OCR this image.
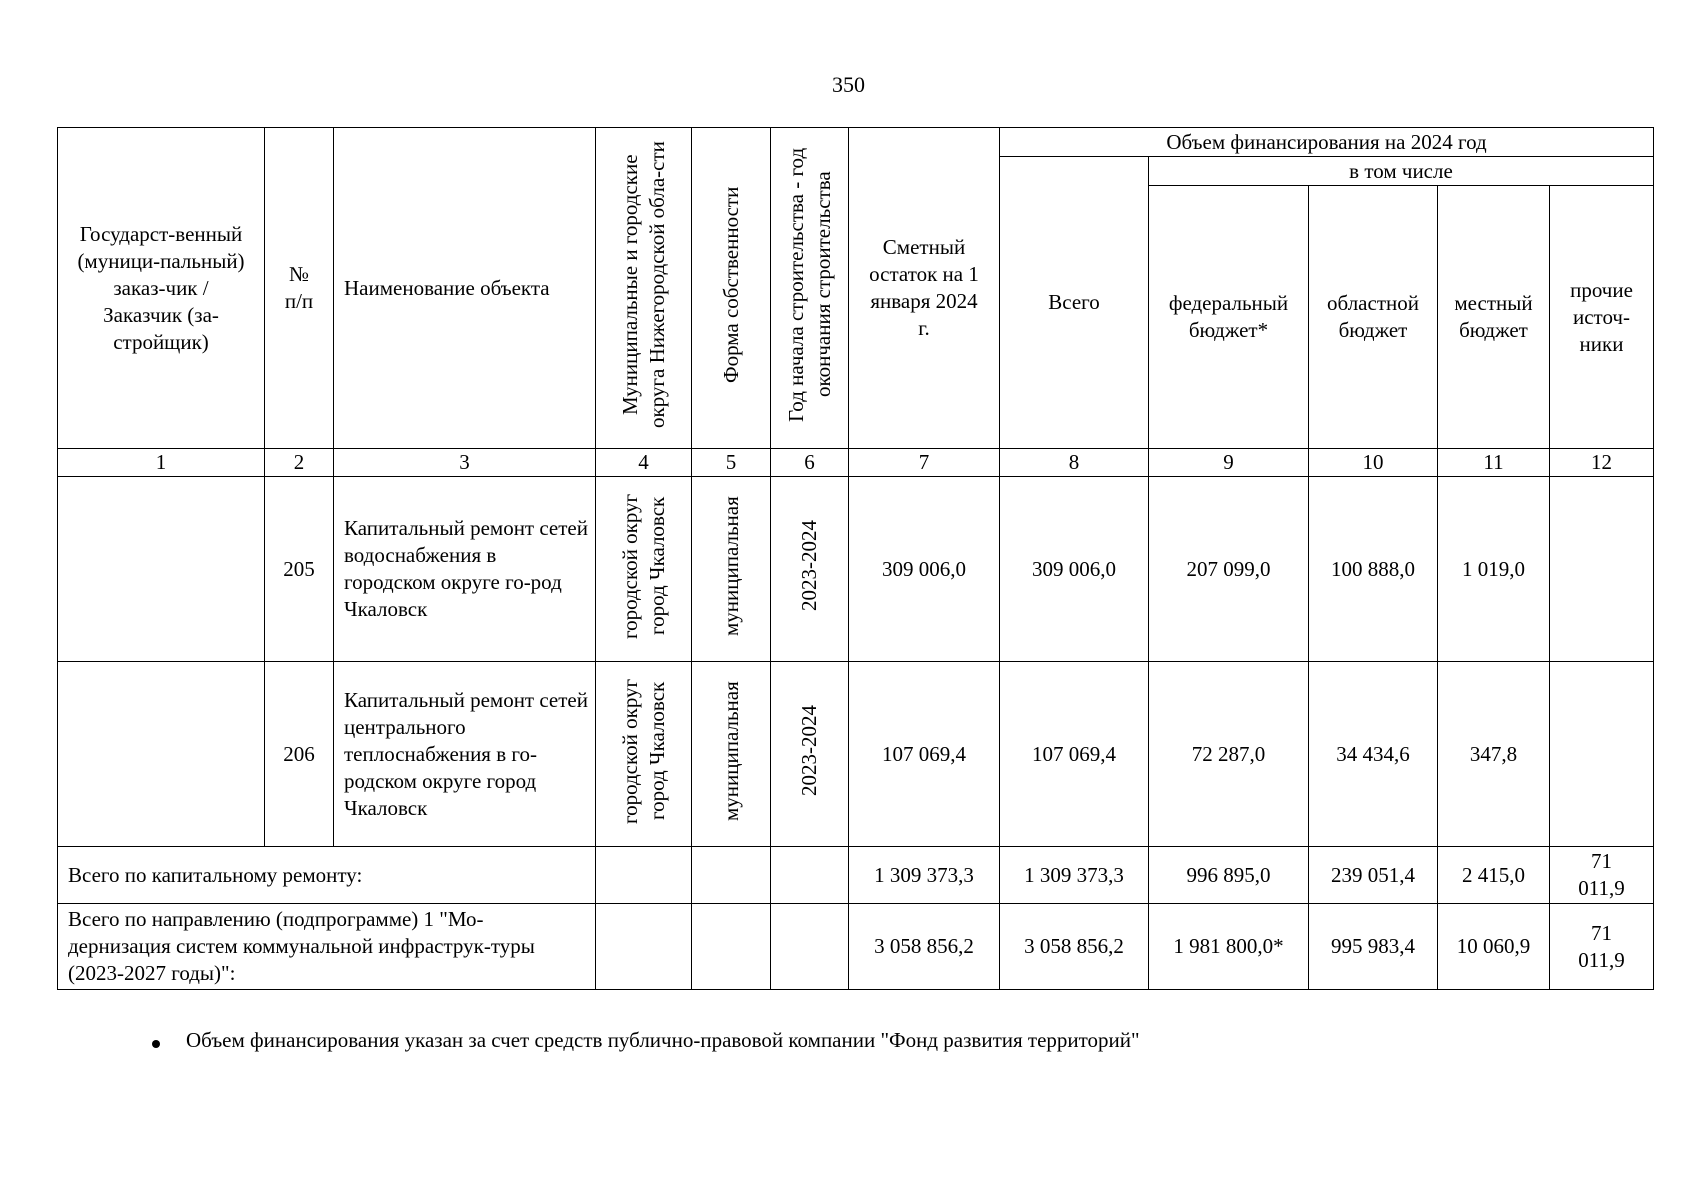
350
Государст-венный (муници-пальный) заказ-чик / Заказчик (за-стройщик)	№ п/п	Наименование объекта	Муниципальные и городские округа Нижегородской обла-сти	Форма собственности	Год начала строительства - год окончания строительства	Сметный остаток на 1 января 2024 г.	Объем финансирования на 2024 год				
							Всего	в том числе			
								федеральный бюджет*	областной бюджет	местный бюджет	прочие источ-ники
1	2	3	4	5	6	7	8	9	10	11	12
	205	Капитальный ремонт сетей водоснабжения в городском округе го-род Чкаловск	городской округ город Чкаловск	муниципальная	2023-2024	309 006,0	309 006,0	207 099,0	100 888,0	1 019,0	
	206	Капитальный ремонт сетей центрального теплоснабжения в го-родском округе город Чкаловск	городской округ город Чкаловск	муниципальная	2023-2024	107 069,4	107 069,4	72 287,0	34 434,6	347,8	
Всего по капитальному ремонту:						1 309 373,3	1 309 373,3	996 895,0	239 051,4	2 415,0	71 011,9
Всего по направлению (подпрограмме) 1 "Мо-дернизация систем коммунальной инфраструк-туры (2023-2027 годы)":						3 058 856,2	3 058 856,2	1 981 800,0*	995 983,4	10 060,9	71 011,9
Объем финансирования указан за счет средств публично-правовой компании "Фонд развития территорий"
